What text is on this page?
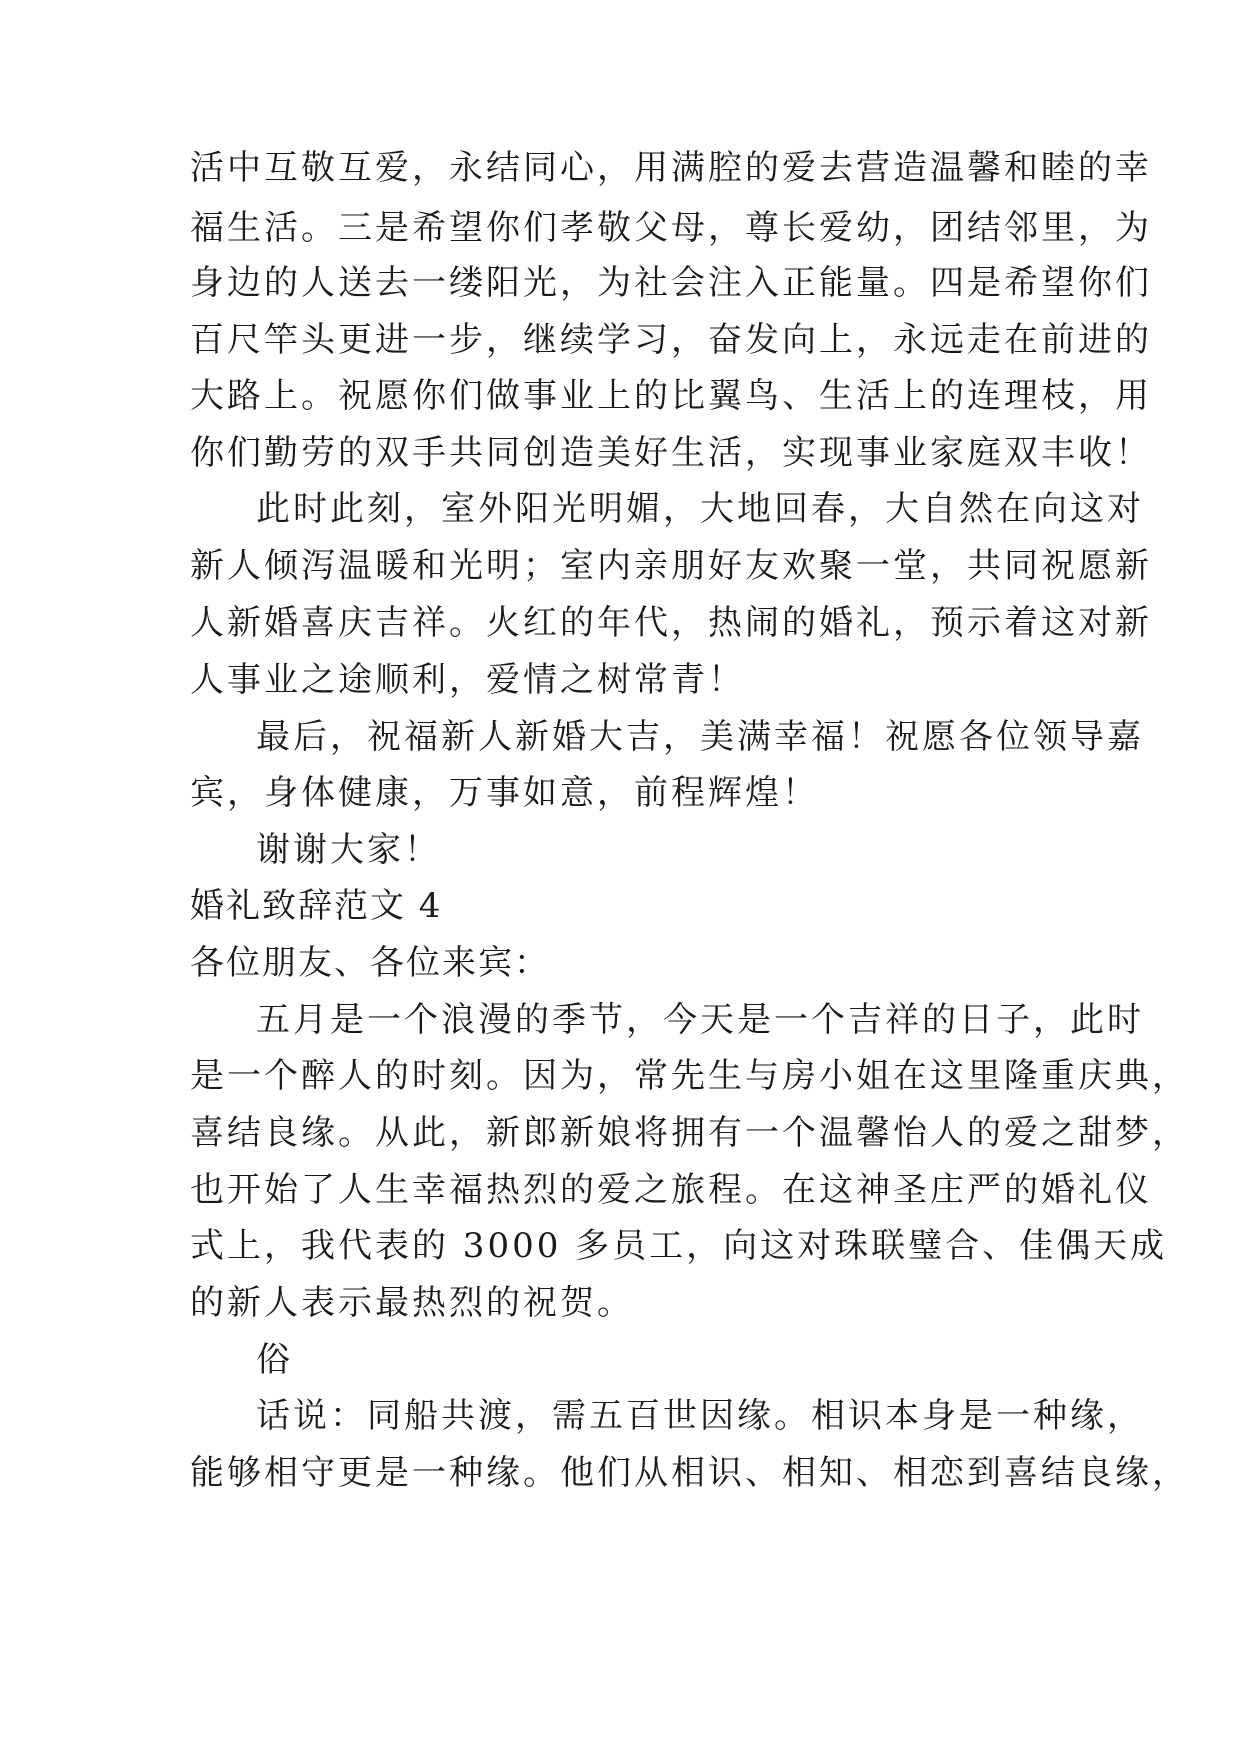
活中互敬互爱，永结同心，用满腔的爱去营造温馨和睦的幸
福生活。三是希望你们孝敬父母，尊长爱幼，团结邻里，为
身边的人送去一缕阳光，为社会注入正能量。四是希望你们
百尺竿头更进一步，继续学习，奋发向上，永远走在前进的
大路上。祝愿你们做事业上的比翼鸟、生活上的连理枝，用
你们勤劳的双手共同创造美好生活，实现事业家庭双丰收！
此时此刻，室外阳光明媚，大地回春，大自然在向这对
新人倾泻温暖和光明；室内亲朋好友欢聚一堂，共同祝愿新
人新婚喜庆吉祥。火红的年代，热闹的婚礼，预示着这对新
人事业之途顺利，爱情之树常青！
最后，祝福新人新婚大吉，美满幸福！祝愿各位领导嘉
宾，身体健康，万事如意，前程辉煌！
谢谢大家！
婚礼致辞范文 4
各位朋友、各位来宾：
五月是一个浪漫的季节，今天是一个吉祥的日子，此时
是一个醉人的时刻。因为，常先生与房小姐在这里隆重庆典，
喜结良缘。从此，新郎新娘将拥有一个温馨怡人的爱之甜梦，
也开始了人生幸福热烈的爱之旅程。在这神圣庄严的婚礼仪
式上，我代表的 3000 多员工，向这对珠联璧合、佳偶天成
的新人表示最热烈的祝贺。
俗
话说：同船共渡，需五百世因缘。相识本身是一种缘，
能够相守更是一种缘。他们从相识、相知、相恋到喜结良缘，
